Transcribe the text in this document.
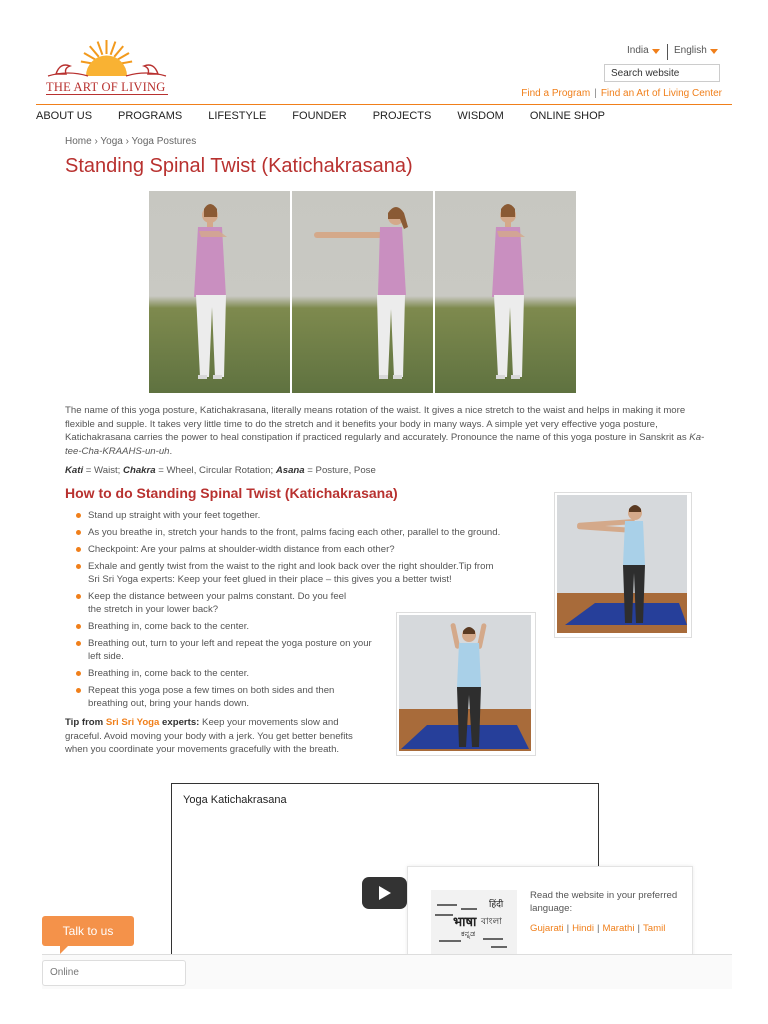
THE ART OF LIVING
India	English
Search website
Find a Program | Find an Art of Living Center
ABOUT US PROGRAMS LIFESTYLE FOUNDER PROJECTS WISDOM ONLINE SHOP
Home › Yoga › Yoga Postures
Standing Spinal Twist (Katichakrasana)

The name of this yoga posture, Katichakrasana, literally means rotation of the waist. It gives a nice stretch to the waist and helps in making it more flexible and supple. It takes very little time to do the stretch and it benefits your body in many ways. A simple yet very effective yoga posture, Katichakrasana carries the power to heal constipation if practiced regularly and accurately. Pronounce the name of this yoga posture in Sanskrit as Ka-tee-Cha-KRAAHS-un-uh.

Kati = Waist; Chakra = Wheel, Circular Rotation; Asana = Posture, Pose
How to do Standing Spinal Twist (Katichakrasana)
Stand up straight with your feet together.
As you breathe in, stretch your hands to the front, palms facing each other, parallel to the ground.
Checkpoint: Are your palms at shoulder-width distance from each other?
Exhale and gently twist from the waist to the right and look back over the right shoulder.Tip from Sri Sri Yoga experts: Keep your feet glued in their place – this gives you a better twist!
Keep the distance between your palms constant. Do you feel the stretch in your lower back?
Breathing in, come back to the center.
Breathing out, turn to your left and repeat the yoga posture on your left side.
Breathing in, come back to the center.
Repeat this yoga pose a few times on both sides and then breathing out, bring your hands down.

Tip from Sri Sri Yoga experts: Keep your movements slow and graceful. Avoid moving your body with a jerk. You get better benefits when you coordinate your movements gracefully with the breath.

Yoga Katichakrasana
हिंदी
भाषा বাংলা
ಕನ್ನಡ

Read the website in your preferred language:

Gujarati | Hindi | Marathi | Tamil
Talk to us
Online
